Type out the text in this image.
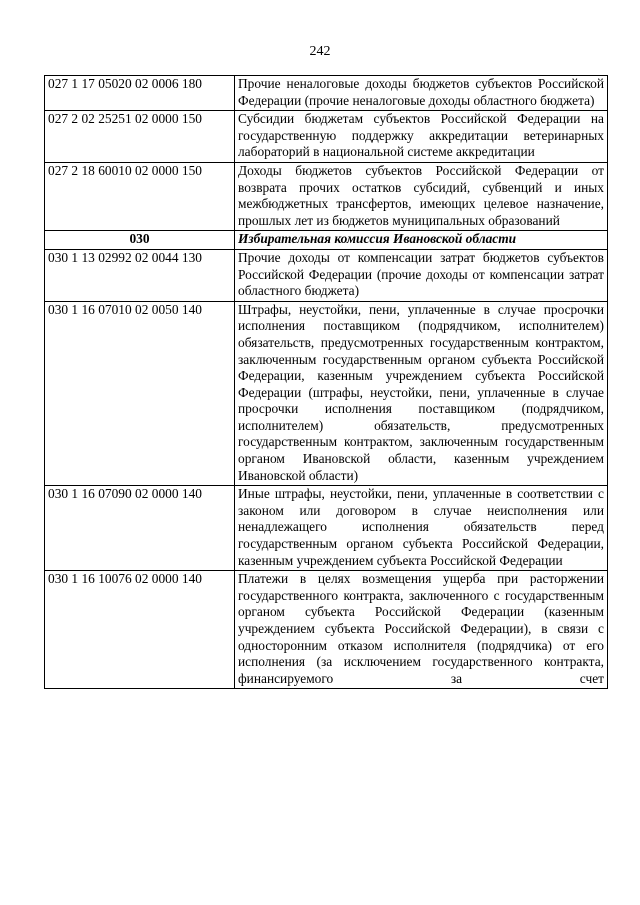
242
027 1 17 05020 02 0006 180	Прочие неналоговые доходы бюджетов субъектов Российской Федерации (прочие неналоговые доходы областного бюджета)
027 2 02 25251 02 0000 150	Субсидии бюджетам субъектов Российской Федерации на государственную поддержку аккредитации ветеринарных лабораторий в национальной системе аккредитации
027 2 18 60010 02 0000 150	Доходы бюджетов субъектов Российской Федерации от возврата прочих остатков субсидий, субвенций и иных межбюджетных трансфертов, имеющих целевое назначение, прошлых лет из бюджетов муниципальных образований
030	Избирательная комиссия Ивановской области
030 1 13 02992 02 0044 130	Прочие доходы от компенсации затрат бюджетов субъектов Российской Федерации (прочие доходы от компенсации затрат областного бюджета)
030 1 16 07010 02 0050 140	Штрафы, неустойки, пени, уплаченные в случае просрочки исполнения поставщиком (подрядчиком, исполнителем) обязательств, предусмотренных государственным контрактом, заключенным государственным органом субъекта Российской Федерации, казенным учреждением субъекта Российской Федерации (штрафы, неустойки, пени, уплаченные в случае просрочки исполнения поставщиком (подрядчиком, исполнителем) обязательств, предусмотренных государственным контрактом, заключенным государственным органом Ивановской области, казенным учреждением Ивановской области)
030 1 16 07090 02 0000 140	Иные штрафы, неустойки, пени, уплаченные в соответствии с законом или договором в случае неисполнения или ненадлежащего исполнения обязательств перед государственным органом субъекта Российской Федерации, казенным учреждением субъекта Российской Федерации
030 1 16 10076 02 0000 140	Платежи в целях возмещения ущерба при расторжении государственного контракта, заключенного с государственным органом субъекта Российской Федерации (казенным учреждением субъекта Российской Федерации), в связи с односторонним отказом исполнителя (подрядчика) от его исполнения (за исключением государственного контракта, финансируемого за счет
